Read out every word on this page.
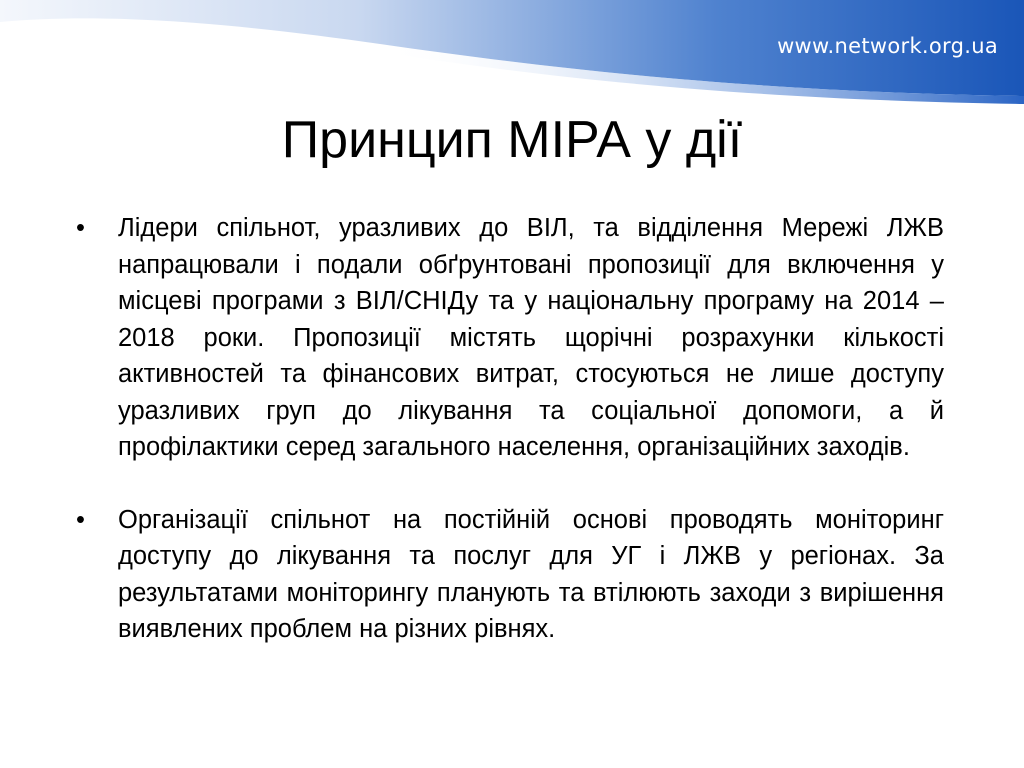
www.network.org.ua
Принцип МІРА у дії
• Лідери спільнот, уразливих до ВІЛ, та відділення Мережі ЛЖВ напрацювали і подали обґрунтовані пропозиції для включення у місцеві програми з ВІЛ/СНІДу та у національну програму на 2014 – 2018 роки. Пропозиції містять щорічні розрахунки кількості активностей та фінансових витрат, стосуються не лише доступу уразливих груп до лікування та соціальної допомоги, а й профілактики серед загального населення, організаційних заходів.
• Організації спільнот на постійній основі проводять моніторинг доступу до лікування та послуг для УГ і ЛЖВ у регіонах. За результатами моніторингу планують та втілюють заходи з вирішення виявлених проблем на різних рівнях.
